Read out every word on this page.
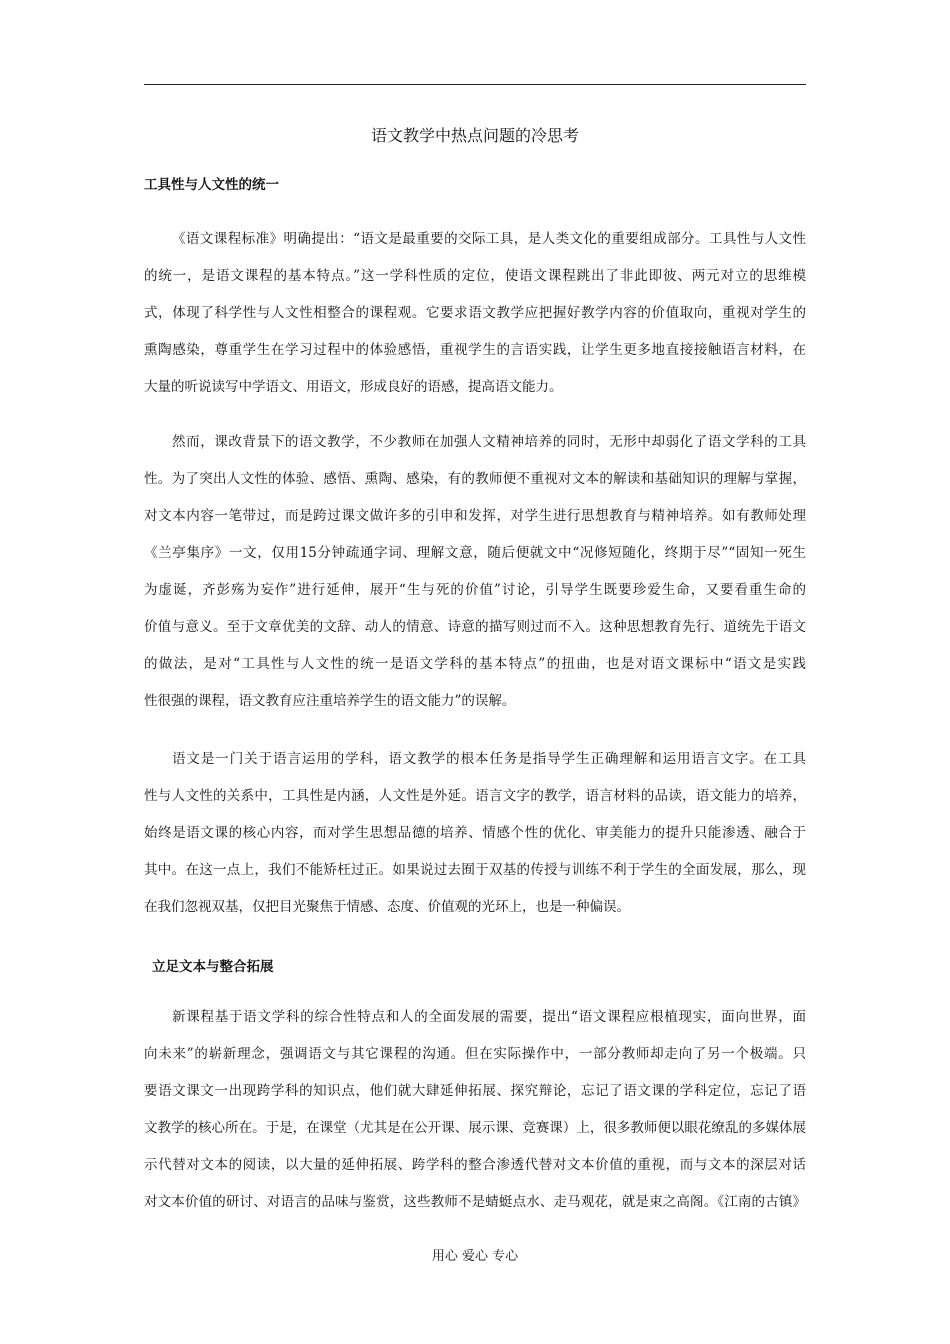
语文教学中热点问题的冷思考
工具性与人文性的统一
《语文课程标准》明确提出：“语文是最重要的交际工具，是人类文化的重要组成部分。工具性与人文性
的统一，是语文课程的基本特点。”这一学科性质的定位，使语文课程跳出了非此即彼、两元对立的思维模
式，体现了科学性与人文性相整合的课程观。它要求语文教学应把握好教学内容的价值取向，重视对学生的
熏陶感染，尊重学生在学习过程中的体验感悟，重视学生的言语实践，让学生更多地直接接触语言材料，在
大量的听说读写中学语文、用语文，形成良好的语感，提高语文能力。
然而，课改背景下的语文教学，不少教师在加强人文精神培养的同时，无形中却弱化了语文学科的工具
性。为了突出人文性的体验、感悟、熏陶、感染，有的教师便不重视对文本的解读和基础知识的理解与掌握，
对文本内容一笔带过，而是跨过课文做许多的引申和发挥，对学生进行思想教育与精神培养。如有教师处理
《兰亭集序》一文，仅用15分钟疏通字词、理解文意，随后便就文中“况修短随化，终期于尽”“固知一死生
为虚诞，齐彭殇为妄作”进行延伸，展开“生与死的价值”讨论，引导学生既要珍爱生命，又要看重生命的
价值与意义。至于文章优美的文辞、动人的情意、诗意的描写则过而不入。这种思想教育先行、道统先于语文
的做法，是对“工具性与人文性的统一是语文学科的基本特点”的扭曲，也是对语文课标中“语文是实践
性很强的课程，语文教育应注重培养学生的语文能力”的误解。
语文是一门关于语言运用的学科，语文教学的根本任务是指导学生正确理解和运用语言文字。在工具
性与人文性的关系中，工具性是内涵，人文性是外延。语言文字的教学，语言材料的品读，语文能力的培养，
始终是语文课的核心内容，而对学生思想品德的培养、情感个性的优化、审美能力的提升只能渗透、融合于
其中。在这一点上，我们不能矫枉过正。如果说过去囿于双基的传授与训练不利于学生的全面发展，那么，现
在我们忽视双基，仅把目光聚焦于情感、态度、价值观的光环上，也是一种偏误。
立足文本与整合拓展
新课程基于语文学科的综合性特点和人的全面发展的需要，提出“语文课程应根植现实，面向世界，面
向未来”的崭新理念，强调语文与其它课程的沟通。但在实际操作中，一部分教师却走向了另一个极端。只
要语文课文一出现跨学科的知识点，他们就大肆延伸拓展、探究辩论，忘记了语文课的学科定位，忘记了语
文教学的核心所在。于是，在课堂（尤其是在公开课、展示课、竞赛课）上，很多教师便以眼花缭乱的多媒体展
示代替对文本的阅读，以大量的延伸拓展、跨学科的整合渗透代替对文本价值的重视，而与文本的深层对话
对文本价值的研讨、对语言的品味与鉴赏，这些教师不是蜻蜓点水、走马观花，就是束之高阁。《江南的古镇》
用心 爱心 专心
